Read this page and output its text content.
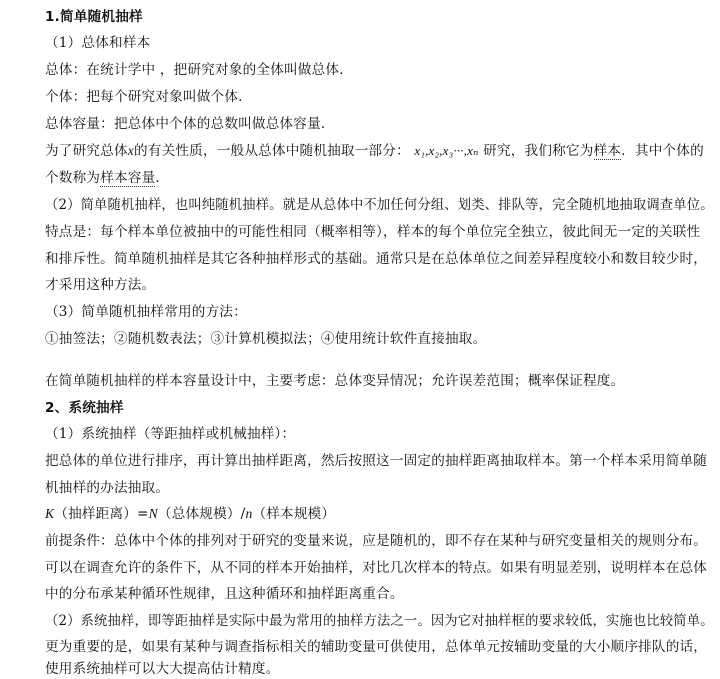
1.简单随机抽样
（1）总体和样本
总体：在统计学中 ，把研究对象的全体叫做总体．
个体：把每个研究对象叫做个体．
总体容量：把总体中个体的总数叫做总体容量．
为了研究总体x的有关性质，一般从总体中随机抽取一部分： x₁,x₂,x₃···,xₙ 研究，我们称它为样本．其中个体的
个数称为样本容量．
（2）简单随机抽样，也叫纯随机抽样。就是从总体中不加任何分组、划类、排队等，完全随机地抽取调查单位。
特点是：每个样本单位被抽中的可能性相同（概率相等），样本的每个单位完全独立，彼此间无一定的关联性
和排斥性。简单随机抽样是其它各种抽样形式的基础。通常只是在总体单位之间差异程度较小和数目较少时，
才采用这种方法。
（3）简单随机抽样常用的方法：
①抽签法；②随机数表法；③计算机模拟法；④使用统计软件直接抽取。
在简单随机抽样的样本容量设计中，主要考虑：总体变异情况；允许误差范围；概率保证程度。
2、系统抽样
（1）系统抽样（等距抽样或机械抽样）：
把总体的单位进行排序，再计算出抽样距离，然后按照这一固定的抽样距离抽取样本。第一个样本采用简单随
机抽样的办法抽取。
K（抽样距离）=N（总体规模）/n（样本规模）
前提条件：总体中个体的排列对于研究的变量来说，应是随机的，即不存在某种与研究变量相关的规则分布。
可以在调查允许的条件下，从不同的样本开始抽样，对比几次样本的特点。如果有明显差别，说明样本在总体
中的分布承某种循环性规律，且这种循环和抽样距离重合。
（2）系统抽样，即等距抽样是实际中最为常用的抽样方法之一。因为它对抽样框的要求较低，实施也比较简单。
更为重要的是，如果有某种与调查指标相关的辅助变量可供使用，总体单元按辅助变量的大小顺序排队的话，
使用系统抽样可以大大提高估计精度。
